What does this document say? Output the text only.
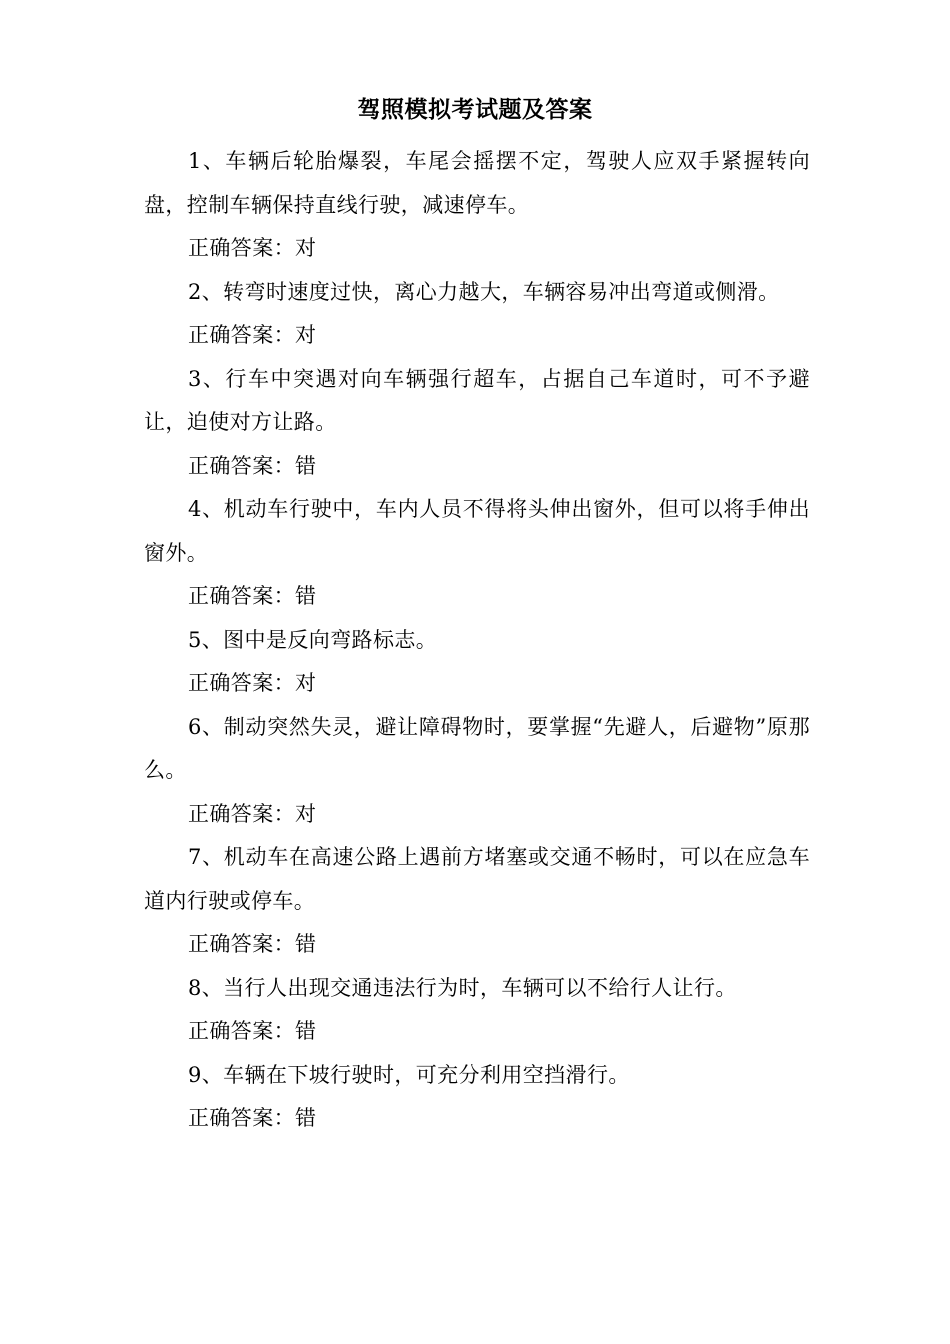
驾照模拟考试题及答案

1、车辆后轮胎爆裂，车尾会摇摆不定，驾驶人应双手紧握转向盘，控制车辆保持直线行驶，减速停车。

正确答案：对

2、转弯时速度过快，离心力越大，车辆容易冲出弯道或侧滑。

正确答案：对

3、行车中突遇对向车辆强行超车，占据自己车道时，可不予避让，迫使对方让路。

正确答案：错

4、机动车行驶中，车内人员不得将头伸出窗外，但可以将手伸出窗外。

正确答案：错

5、图中是反向弯路标志。

正确答案：对

6、制动突然失灵，避让障碍物时，要掌握“先避人，后避物”原那么。

正确答案：对

7、机动车在高速公路上遇前方堵塞或交通不畅时，可以在应急车道内行驶或停车。

正确答案：错

8、当行人出现交通违法行为时，车辆可以不给行人让行。

正确答案：错

9、车辆在下坡行驶时，可充分利用空挡滑行。

正确答案：错
